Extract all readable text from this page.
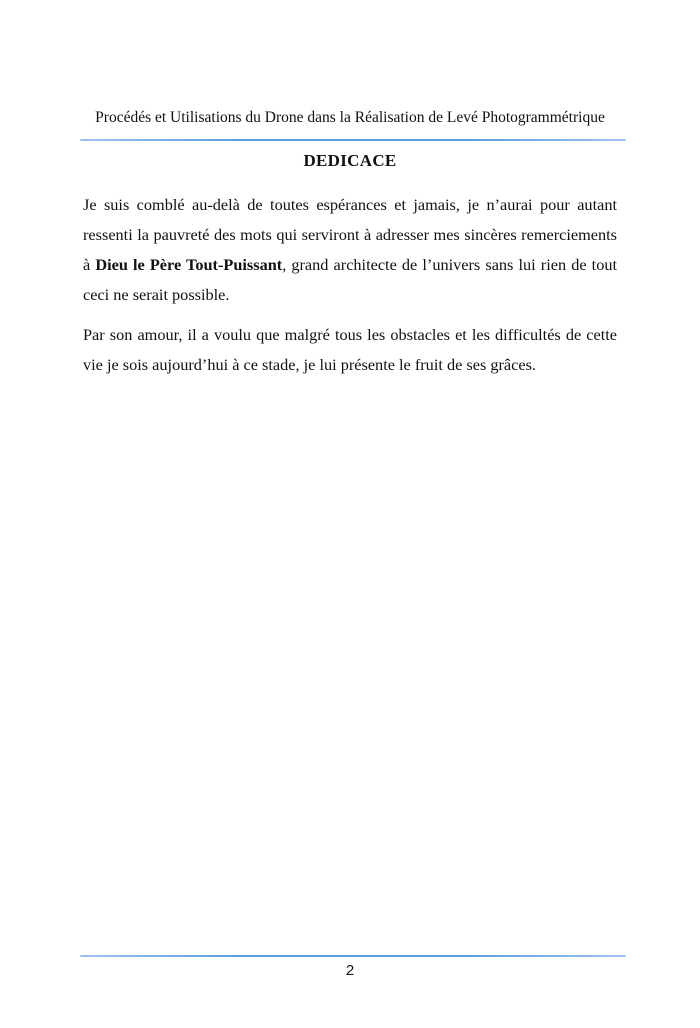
Procédés et Utilisations du Drone dans la Réalisation de Levé Photogrammétrique
DEDICACE

Je suis comblé au-delà de toutes espérances et jamais, je n’aurai pour autant ressenti la pauvreté des mots qui serviront à adresser mes sincères remerciements à Dieu le Père Tout-Puissant, grand architecte de l’univers sans lui rien de tout ceci ne serait possible.

Par son amour, il a voulu que malgré tous les obstacles et les difficultés de cette vie je sois aujourd’hui à ce stade, je lui présente le fruit de ses grâces.

2
